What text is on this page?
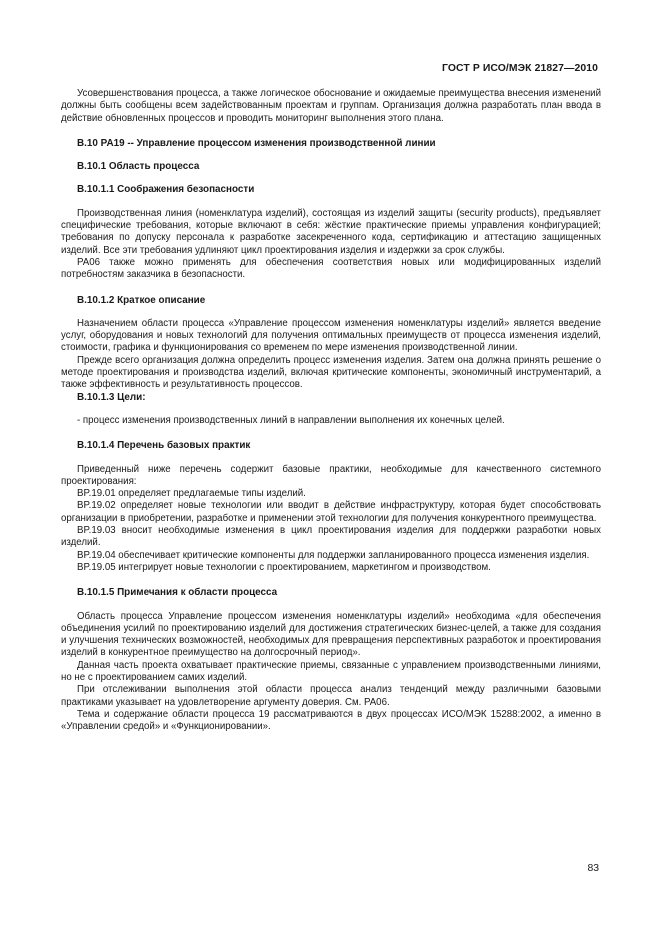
ГОСТ Р ИСО/МЭК 21827—2010

Усовершенствования процесса, а также логическое обоснование и ожидаемые преимущества внесения изменений должны быть сообщены всем задействованным проектам и группам. Организация должна разработать план ввода в действие обновленных процессов и проводить мониторинг выполнения этого плана.

B.10 PA19 -- Управление процессом изменения производственной линии
B.10.1 Область процесса
B.10.1.1 Соображения безопасности

Производственная линия (номенклатура изделий), состоящая из изделий защиты (security products), предъявляет специфические требования, которые включают в себя: жёсткие практические приемы управления конфигурацией; требования по допуску персонала к разработке засекреченного кода, сертификацию и аттестацию защищенных изделий. Все эти требования удлиняют цикл проектирования изделия и издержки за срок службы.

PA06 также можно применять для обеспечения соответствия новых или модифицированных изделий потребностям заказчика в безопасности.

B.10.1.2 Краткое описание

Назначением области процесса «Управление процессом изменения номенклатуры изделий» является введение услуг, оборудования и новых технологий для получения оптимальных преимуществ от процесса изменения изделий, стоимости, графика и функционирования со временем по мере изменения производственной линии.

Прежде всего организация должна определить процесс изменения изделия. Затем она должна принять решение о методе проектирования и производства изделий, включая критические компоненты, экономичный инструментарий, а также эффективность и результативность процессов.

B.10.1.3 Цели:

- процесс изменения производственных линий в направлении выполнения их конечных целей.

B.10.1.4 Перечень базовых практик

Приведенный ниже перечень содержит базовые практики, необходимые для качественного системного проектирования:

BP.19.01 определяет предлагаемые типы изделий.

BP.19.02 определяет новые технологии или вводит в действие инфраструктуру, которая будет способствовать организации в приобретении, разработке и применении этой технологии для получения конкурентного преимущества.

BP.19.03 вносит необходимые изменения в цикл проектирования изделия для поддержки разработки новых изделий.

BP.19.04 обеспечивает критические компоненты для поддержки запланированного процесса изменения изделия.

BP.19.05 интегрирует новые технологии с проектированием, маркетингом и производством.

B.10.1.5 Примечания к области процесса

Область процесса Управление процессом изменения номенклатуры изделий» необходима «для обеспечения объединения усилий по проектированию изделий для достижения стратегических бизнес-целей, а также для создания и улучшения технических возможностей, необходимых для превращения перспективных разработок и проектирования изделий в конкурентное преимущество на долгосрочный период».

Данная часть проекта охватывает практические приемы, связанные с управлением производственными линиями, но не с проектированием самих изделий.

При отслеживании выполнения этой области процесса анализ тенденций между различными базовыми практиками указывает на удовлетворение аргументу доверия. См. PA06.

Тема и содержание области процесса 19 рассматриваются в двух процессах ИСО/МЭК 15288:2002, а именно в «Управлении средой» и «Функционировании».

83
